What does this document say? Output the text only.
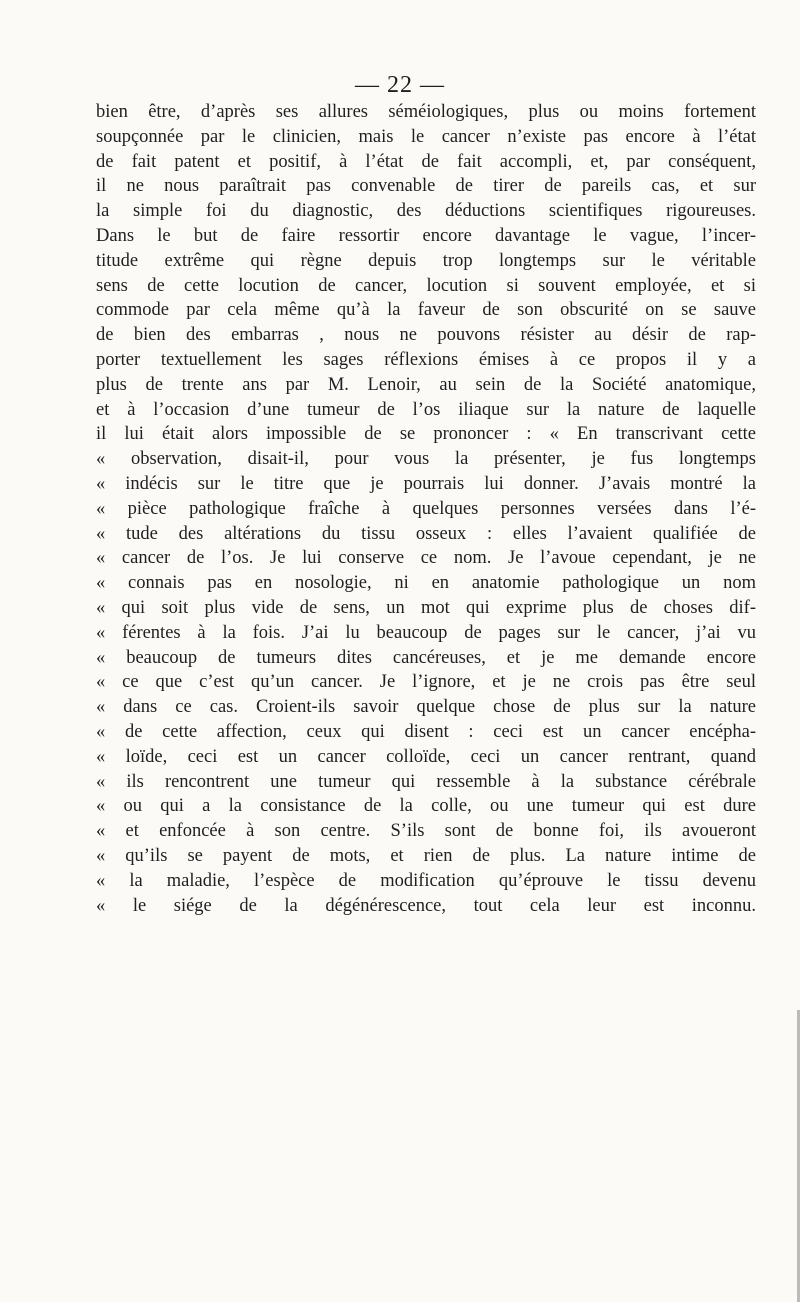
— 22 —
bien être, d’après ses allures séméiologiques, plus ou moins fortement
soupçonnée par le clinicien, mais le cancer n’existe pas encore à l’état
de fait patent et positif, à l’état de fait accompli, et, par conséquent,
il ne nous paraîtrait pas convenable de tirer de pareils cas, et sur
la simple foi du diagnostic, des déductions scientifiques rigoureuses.
Dans le but de faire ressortir encore davantage le vague, l’incer-
titude extrême qui règne depuis trop longtemps sur le véritable
sens de cette locution de cancer, locution si souvent employée, et si
commode par cela même qu’à la faveur de son obscurité on se sauve
de bien des embarras , nous ne pouvons résister au désir de rap-
porter textuellement les sages réflexions émises à ce propos il y a
plus de trente ans par M. Lenoir, au sein de la Société anatomique,
et à l’occasion d’une tumeur de l’os iliaque sur la nature de laquelle
il lui était alors impossible de se prononcer : « En transcrivant cette
« observation, disait-il, pour vous la présenter, je fus longtemps
« indécis sur le titre que je pourrais lui donner. J’avais montré la
« pièce pathologique fraîche à quelques personnes versées dans l’é-
« tude des altérations du tissu osseux : elles l’avaient qualifiée de
« cancer de l’os. Je lui conserve ce nom. Je l’avoue cependant, je ne
« connais pas en nosologie, ni en anatomie pathologique un nom
« qui soit plus vide de sens, un mot qui exprime plus de choses dif-
« férentes à la fois. J’ai lu beaucoup de pages sur le cancer, j’ai vu
« beaucoup de tumeurs dites cancéreuses, et je me demande encore
« ce que c’est qu’un cancer. Je l’ignore, et je ne crois pas être seul
« dans ce cas. Croient-ils savoir quelque chose de plus sur la nature
« de cette affection, ceux qui disent : ceci est un cancer encépha-
« loïde, ceci est un cancer colloïde, ceci un cancer rentrant, quand
« ils rencontrent une tumeur qui ressemble à la substance cérébrale
« ou qui a la consistance de la colle, ou une tumeur qui est dure
« et enfoncée à son centre. S’ils sont de bonne foi, ils avoueront
« qu’ils se payent de mots, et rien de plus. La nature intime de
« la maladie, l’espèce de modification qu’éprouve le tissu devenu
« le siége de la dégénérescence, tout cela leur est inconnu.
